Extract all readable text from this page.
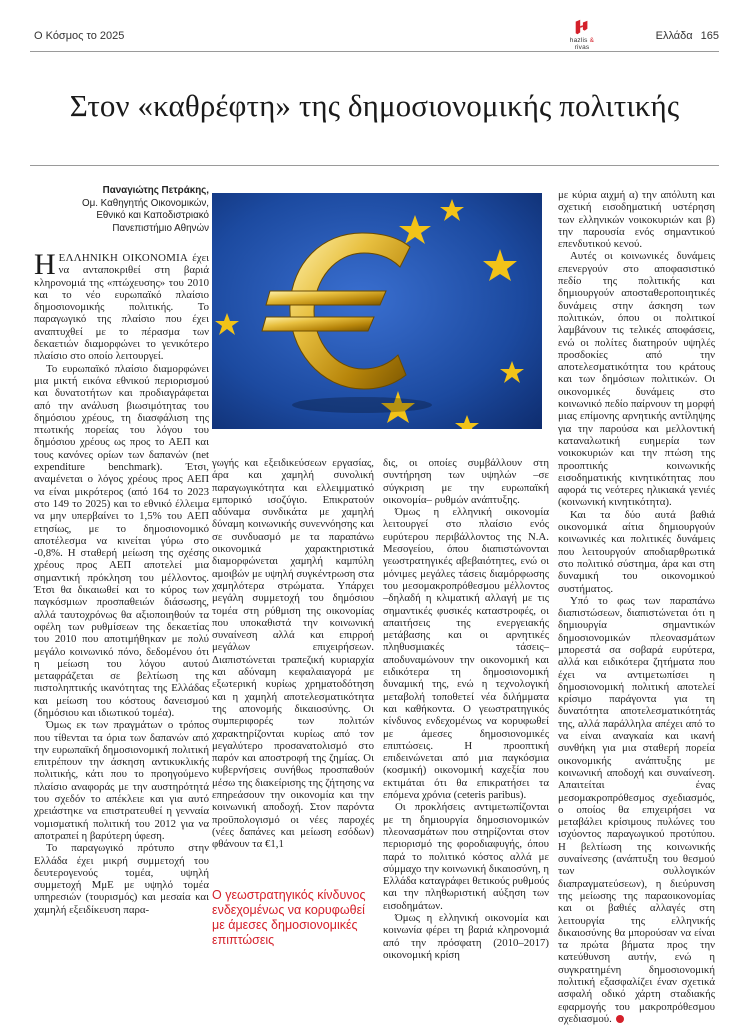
Ο Κόσμος το 2025	hazlis & rivas
Ελλάδα 165
Στον «καθρέφτη» της δημοσιονομικής πολιτικής
Παναγιώτης Πετράκης,
Ομ. Καθηγητής Οικονομικών,
Εθνικό και Καποδιστριακό
Πανεπιστήμιο Αθηνών

ΗΕΛΛΗΝΙΚΗ ΟΙΚΟΝΟΜΙΑ έχει να ανταποκριθεί στη βαριά κληρονομιά της «πτώχευσης» του 2010 και το νέο ευρωπαϊκό πλαίσιο δημοσιονομικής πολιτικής. Το παραγωγικό της πλαίσιο που έχει αναπτυχθεί με το πέρασμα των δεκαετιών διαμορφώνει το γενικότερο πλαίσιο στο οποίο λειτουργεί.

Το ευρωπαϊκό πλαίσιο διαμορφώνει μια μικτή εικόνα εθνικού περιορισμού και δυνατοτήτων και προδιαγράφεται από την ανάλυση βιωσιμότητας του δημόσιου χρέους, τη διασφάλιση της πτωτικής πορείας του λόγου του δημόσιου χρέους ως προς το ΑΕΠ και τους κανόνες ορίων των δαπανών (net expenditure benchmark). Έτσι, αναμένεται ο λόγος χρέους προς ΑΕΠ να είναι μικρότερος (από 164 το 2023 στο 149 το 2025) και το εθνικό έλλειμα να μην υπερβαίνει το 1,5% του ΑΕΠ ετησίως, με το δημοσιονομικό αποτέλεσμα να κινείται γύρω στο -0,8%. Η σταθερή μείωση της σχέσης χρέους προς ΑΕΠ αποτελεί μια σημαντική πρόκληση του μέλλοντος. Έτσι θα δικαιωθεί και το κύρος των παγκόσμιων προσπαθειών διάσωσης, αλλά ταυτοχρόνως θα αξιοποιηθούν τα οφέλη των ρυθμίσεων της δεκαετίας του 2010 που αποτιμήθηκαν με πολύ μεγάλο κοινωνικό πόνο, δεδομένου ότι η μείωση του λόγου αυτού μεταφράζεται σε βελτίωση της πιστοληπτικής ικανότητας της Ελλάδας και μείωση του κόστους δανεισμού (δημόσιου και ιδιωτικού τομέα).

Όμως εκ των πραγμάτων ο τρόπος που τίθενται τα όρια των δαπανών από την ευρωπαϊκή δημοσιονομική πολιτική επιτρέπουν την άσκηση αντικυκλικής πολιτικής, κάτι που το προηγούμενο πλαίσιο αναφοράς με την αυστηρότητά του σχεδόν το απέκλειε και για αυτό χρειάστηκε να επιστρατευθεί η γενναία νομισματική πολιτική του 2012 για να αποτραπεί η βαρύτερη ύφεση.

Το παραγωγικό πρότυπο στην Ελλάδα έχει μικρή συμμετοχή του δευτερογενούς τομέα, υψηλή συμμετοχή ΜμΕ με υψηλό τομέα υπηρεσιών (τουρισμός) και μεσαία και χαμηλή εξειδίκευση παρα-

γωγής και εξειδικεύσεων εργασίας, άρα και χαμηλή συνολική παραγωγικότητα και ελλειμματικό εμπορικό ισοζύγιο. Επικρατούν αδύναμα συνδικάτα με χαμηλή δύναμη κοινωνικής συνεννόησης και σε συνδυασμό με τα παραπάνω οικονομικά χαρακτηριστικά διαμορφώνεται χαμηλή καμπύλη αμοιβών με υψηλή συγκέντρωση στα χαμηλότερα στρώματα. Υπάρχει μεγάλη συμμετοχή του δημόσιου τομέα στη ρύθμιση της οικονομίας που υποκαθιστά την κοινωνική συναίνεση αλλά και επιρροή μεγάλων επιχειρήσεων. Διαπιστώνεται τραπεζική κυριαρχία και αδύναμη κεφαλαιαγορά με εξωτερική κυρίως χρηματοδότηση και η χαμηλή αποτελεσματικότητα της απονομής δικαιοσύνης. Οι συμπεριφορές των πολιτών χαρακτηρίζονται κυρίως από τον μεγαλύτερο προσανατολισμό στο παρόν και αποστροφή της ζημίας. Οι κυβερνήσεις συνήθως προσπαθούν μέσω της διακείρισης της ζήτησης να επηρεάσουν την οικονομία και την κοινωνική αποδοχή. Στον παρόντα προϋπολογισμό οι νέες παροχές (νέες δαπάνες και μείωση εσόδων) φθάνουν τα €1,1

Ο γεωστρατηγικός κίνδυνος ενδεχομένως να κορυφωθεί με άμεσες δημοσιονομικές επιπτώσεις

δις, οι οποίες συμβάλλουν στη συντήρηση των υψηλών –σε σύγκριση με την ευρωπαϊκή οικονομία– ρυθμών ανάπτυξης.

Όμως η ελληνική οικονομία λειτουργεί στο πλαίσιο ενός ευρύτερου περιβάλλοντος της Ν.Α. Μεσογείου, όπου διαπιστώνονται γεωστρατηγικές αβεβαιότητες, ενώ οι μόνιμες μεγάλες τάσεις διαμόρφωσης του μεσομακροπρόθεσμου μέλλοντος –δηλαδή η κλιματική αλλαγή με τις σημαντικές φυσικές καταστροφές, οι απαιτήσεις της ενεργειακής μετάβασης και οι αρνητικές πληθυσμιακές τάσεις– αποδυναμώνουν την οικονομική και ειδικότερα τη δημοσιονομική δυναμική της, ενώ η τεχνολογική μεταβολή τοποθετεί νέα διλήμματα και καθήκοντα. Ο γεωστρατηγικός κίνδυνος ενδεχομένως να κορυφωθεί με άμεσες δημοσιονομικές επιπτώσεις. Η προοπτική επιδεινώνεται από μια παγκόσμια (κοσμική) οικονομική καχεξία που εκτιμάται ότι θα επικρατήσει τα επόμενα χρόνια (ceteris paribus).

Οι προκλήσεις αντιμετωπίζονται με τη δημιουργία δημοσιονομικών πλεονασμάτων που στηρίζονται στον περιορισμό της φοροδιαφυγής, όπου παρά το πολιτικό κόστος αλλά με σύμμαχο την κοινωνική δικαιοσύνη, η Ελλάδα καταγράφει θετικούς ρυθμούς και την πληθωριστική αύξηση των εισοδημάτων.

Όμως η ελληνική οικονομία και κοινωνία φέρει τη βαριά κληρονομιά από την πρόσφατη (2010–2017) οικονομική κρίση

με κύρια αιχμή α) την απόλυτη και σχετική εισοδηματική υστέρηση των ελληνικών νοικοκυριών και β) την παρουσία ενός σημαντικού επενδυτικού κενού.

Αυτές οι κοινωνικές δυνάμεις επενεργούν στο αποφασιστικό πεδίο της πολιτικής και δημιουργούν αποσταθεροποιητικές δυνάμεις στην άσκηση των πολιτικών, όπου οι πολιτικοί λαμβάνουν τις τελικές αποφάσεις, ενώ οι πολίτες διατηρούν υψηλές προσδοκίες από την αποτελεσματικότητα του κράτους και των δημόσιων πολιτικών. Οι οικονομικές δυνάμεις στο κοινωνικό πεδίο παίρνουν τη μορφή μιας επίμονης αρνητικής αντίληψης για την παρούσα και μελλοντική καταναλωτική ευημερία των νοικοκυριών και την πτώση της προοπτικής κοινωνικής εισοδηματικής κινητικότητας που αφορά τις νεότερες ηλικιακά γενιές (κοινωνική κινητικότητα).

Και τα δύο αυτά βαθιά οικονομικά αίτια δημιουργούν κοινωνικές και πολιτικές δυνάμεις που λειτουργούν αποδιαρθρωτικά στο πολιτικό σύστημα, άρα και στη δυναμική του οικονομικού συστήματος.

Υπό το φως των παραπάνω διαπιστώσεων, διαπιστώνεται ότι η δημιουργία σημαντικών δημοσιονομικών πλεονασμάτων μπορεστά σα σοβαρά ευρύτερα, αλλά και ειδικότερα ζητήματα που έχει να αντιμετωπίσει η δημοσιονομική πολιτική αποτελεί κρίσιμο παράγοντα για τη δυνατότητα αποτελεσματικότητάς της, αλλά παράλληλα απέχει από το να είναι αναγκαία και ικανή συνθήκη για μια σταθερή πορεία οικονομικής ανάπτυξης με κοινωνική αποδοχή και συναίνεση. Απαιτείται ένας μεσομακροπρόθεσμος σχεδιασμός, ο οποίος θα επιχειρήσει να μεταβάλει κρίσιμους πυλώνες του ισχύοντος παραγωγικού προτύπου. Η βελτίωση της κοινωνικής συναίνεσης (ανάπτυξη του θεσμού των συλλογικών διαπραγματεύσεων), η διεύρυνση της μείωσης της παραοικονομίας και οι βαθιές αλλαγές στη λειτουργία της ελληνικής δικαιοσύνης θα μπορούσαν να είναι τα πρώτα βήματα προς την κατεύθυνση αυτήν, ενώ η συγκρατημένη δημοσιονομική πολιτική εξασφαλίζει έναν σχετικά ασφαλή οδικό χάρτη σταδιακής εφαρμογής του μακροπρόθεσμου σχεδιασμού.
